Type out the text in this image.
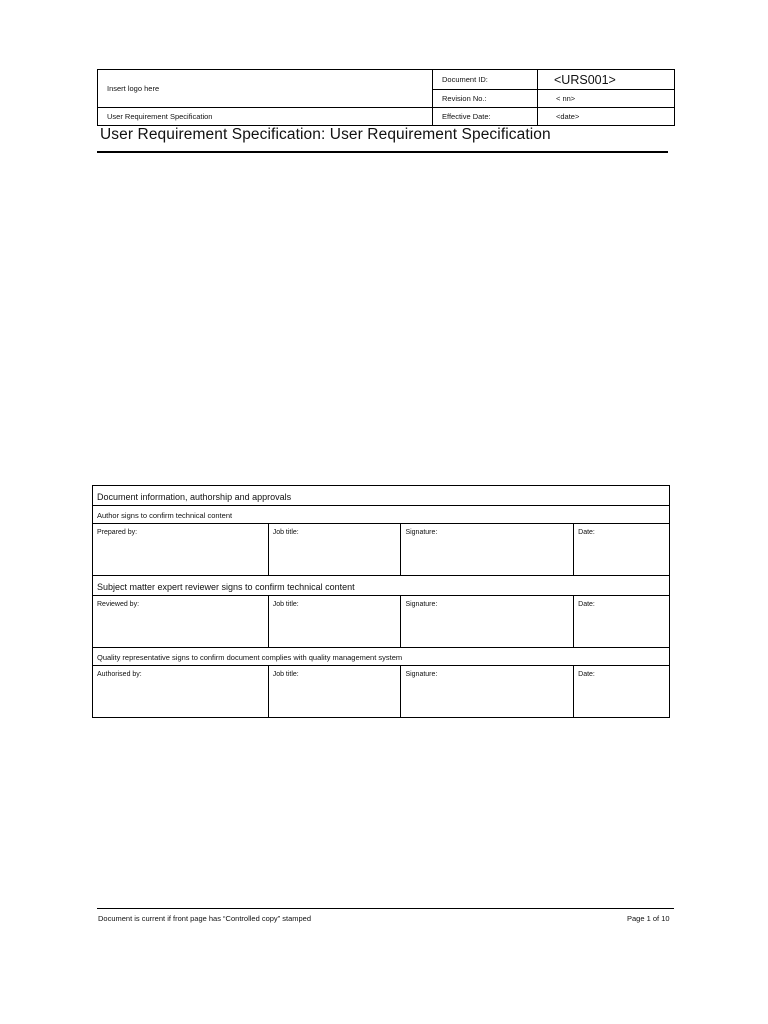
Insert logo here	Document ID:	<URS001>
	Revision No.:	< nn>
User Requirement Specification	Effective Date:	<date>
User Requirement Specification: User Requirement Specification
Document information, authorship and approvals			
Author signs to confirm technical content			
Prepared by:	Job title:	Signature:	Date:
Subject matter expert reviewer signs to confirm technical content			
Reviewed by:	Job title:	Signature:	Date:
Quality representative signs to confirm document complies with quality management system			
Authorised by:	Job title:	Signature:	Date:
Document is current if front page has “Controlled copy” stamped	Page 1 of 10
